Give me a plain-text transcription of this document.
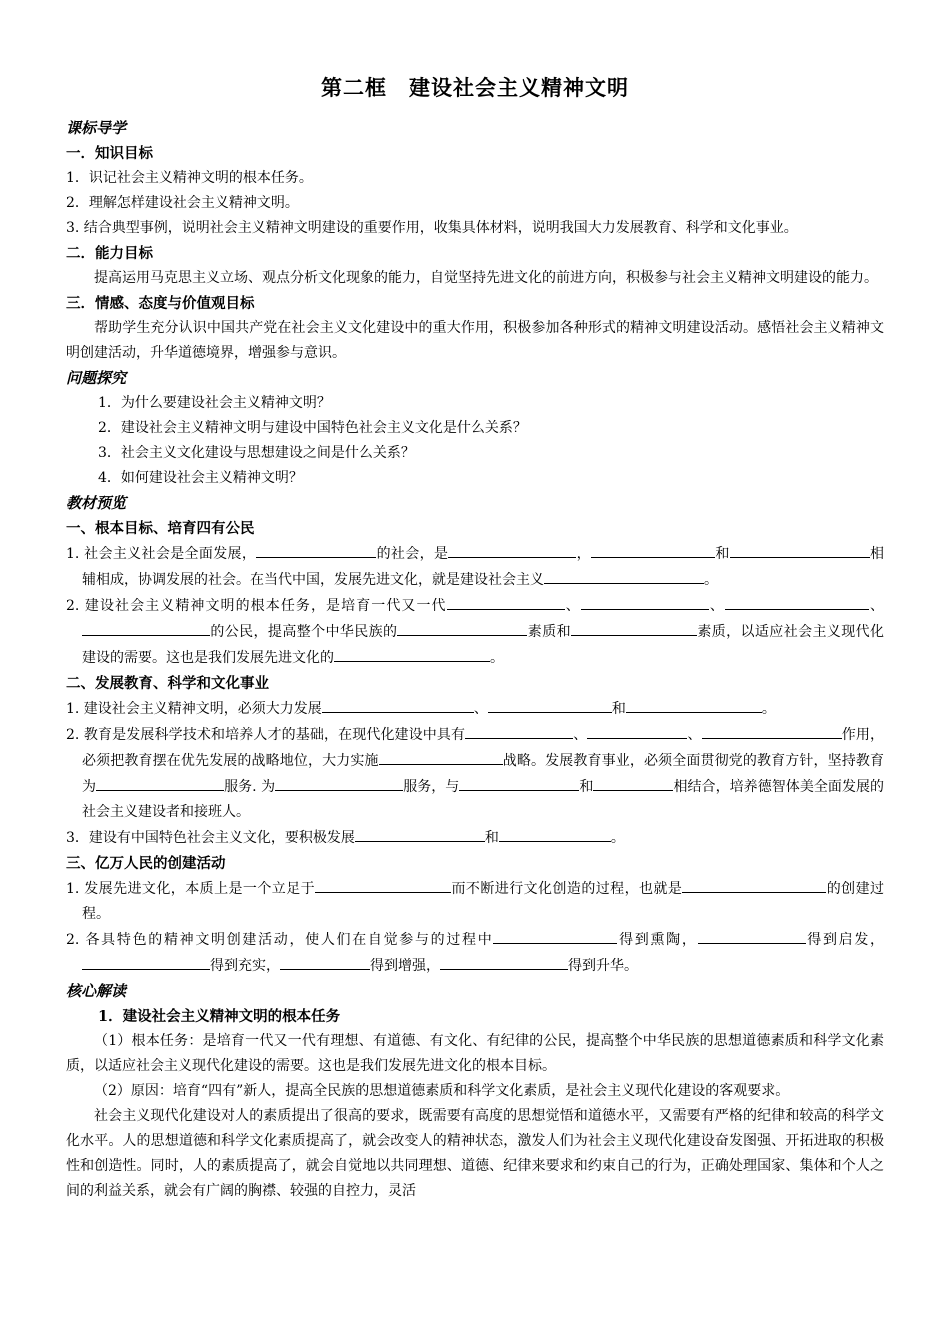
第二框　建设社会主义精神文明
课标导学
一．知识目标
1．识记社会主义精神文明的根本任务。
2．理解怎样建设社会主义精神文明。
3. 结合典型事例，说明社会主义精神文明建设的重要作用，收集具体材料，说明我国大力发展教育、科学和文化事业。
二．能力目标
提高运用马克思主义立场、观点分析文化现象的能力，自觉坚持先进文化的前进方向，积极参与社会主义精神文明建设的能力。
三．情感、态度与价值观目标
帮助学生充分认识中国共产党在社会主义文化建设中的重大作用，积极参加各种形式的精神文明建设活动。感悟社会主义精神文明创建活动，升华道德境界，增强参与意识。
问题探究
1．为什么要建设社会主义精神文明？
2．建设社会主义精神文明与建设中国特色社会主义文化是什么关系？
3．社会主义文化建设与思想建设之间是什么关系？
4．如何建设社会主义精神文明？
教材预览
一、根本目标、培育四有公民
1. 社会主义社会是全面发展，	的社会，是	，	和	相辅相成，协调发展的社会。在当代中国，发展先进文化，就是建设社会主义	。
2. 建设社会主义精神文明的根本任务，是培育一代又一代	、	、	、的公民，提高整个中华民族的	素质和	素质，以适应社会主义现代化建设的需要。这也是我们发展先进文化的	。
二、发展教育、科学和文化事业
1. 建设社会主义精神文明，必须大力发展	、	和	。
2. 教育是发展科学技术和培养人才的基础，在现代化建设中具有	、	、	作用，必须把教育摆在优先发展的战略地位，大力实施	战略。发展教育事业，必须全面贯彻党的教育方针，坚持教育为	服务. 为	服务，与	和	相结合，培养德智体美全面发展的社会主义建设者和接班人。
3．建设有中国特色社会主义文化，要积极发展	和	。
三、亿万人民的创建活动
1. 发展先进文化，本质上是一个立足于	而不断进行文化创造的过程，也就是	的创建过程。
2. 各具特色的精神文明创建活动，使人们在自觉参与的过程中	得到熏陶，	得到启发，得到充实，	得到增强，	得到升华。
核心解读
1．建设社会主义精神文明的根本任务
（1）根本任务：是培育一代又一代有理想、有道德、有文化、有纪律的公民，提高整个中华民族的思想道德素质和科学文化素质，以适应社会主义现代化建设的需要。这也是我们发展先进文化的根本目标。
（2）原因：培育“四有”新人，提高全民族的思想道德素质和科学文化素质，是社会主义现代化建设的客观要求。
社会主义现代化建设对人的素质提出了很高的要求，既需要有高度的思想觉悟和道德水平，又需要有严格的纪律和较高的科学文化水平。人的思想道德和科学文化素质提高了，就会改变人的精神状态，激发人们为社会主义现代化建设奋发图强、开拓进取的积极性和创造性。同时，人的素质提高了，就会自觉地以共同理想、道德、纪律来要求和约束自己的行为，正确处理国家、集体和个人之间的利益关系，就会有广阔的胸襟、较强的自控力，灵活
